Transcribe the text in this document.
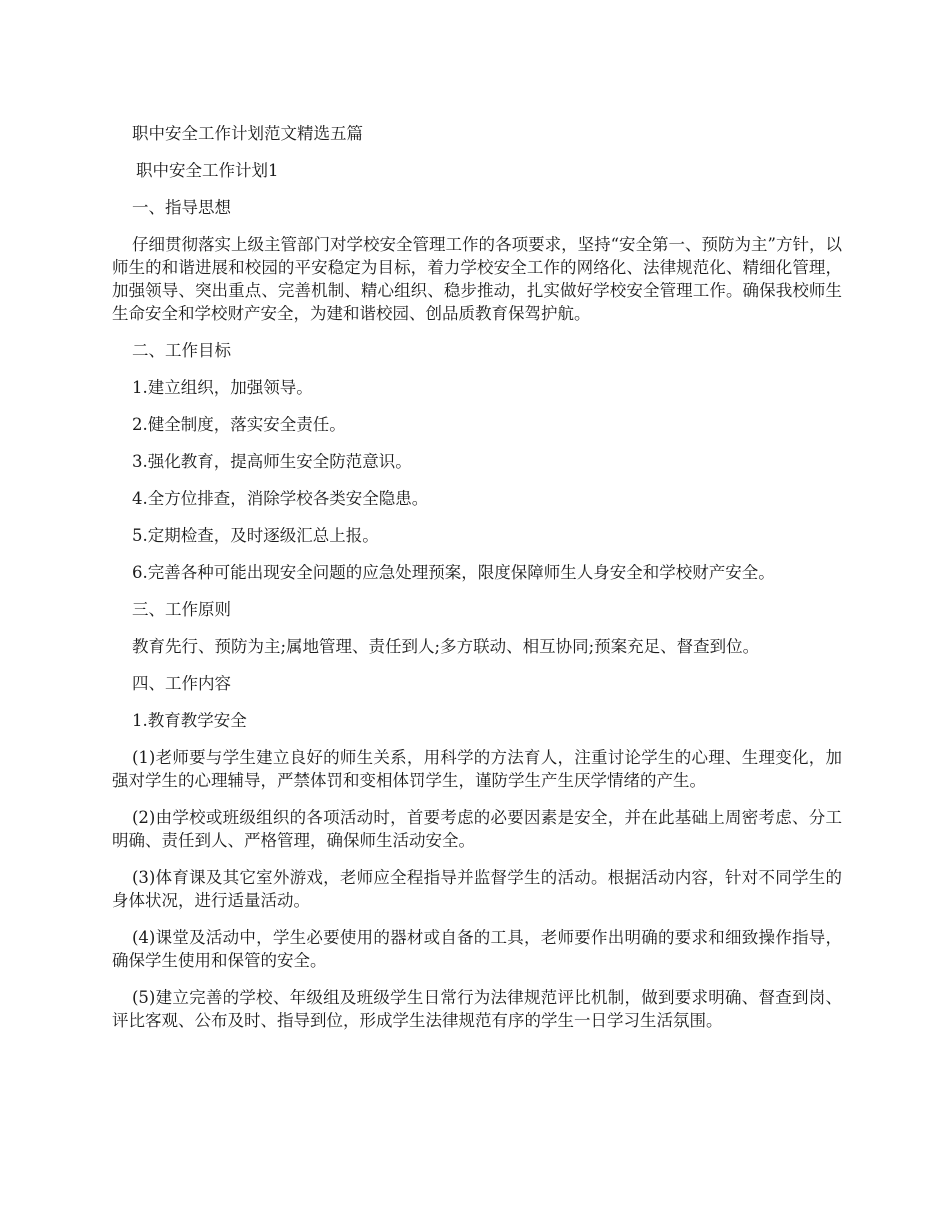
职中安全工作计划范文精选五篇

职中安全工作计划1

一、指导思想

仔细贯彻落实上级主管部门对学校安全管理工作的各项要求，坚持“安全第一、预防为主”方针，以师生的和谐进展和校园的平安稳定为目标，着力学校安全工作的网络化、法律规范化、精细化管理，加强领导、突出重点、完善机制、精心组织、稳步推动，扎实做好学校安全管理工作。确保我校师生生命安全和学校财产安全，为建和谐校园、创品质教育保驾护航。

二、工作目标

1.建立组织，加强领导。

2.健全制度，落实安全责任。

3.强化教育，提高师生安全防范意识。

4.全方位排查，消除学校各类安全隐患。

5.定期检查，及时逐级汇总上报。

6.完善各种可能出现安全问题的应急处理预案，限度保障师生人身安全和学校财产安全。

三、工作原则

教育先行、预防为主;属地管理、责任到人;多方联动、相互协同;预案充足、督查到位。

四、工作内容

1.教育教学安全

(1)老师要与学生建立良好的师生关系，用科学的方法育人，注重讨论学生的心理、生理变化，加强对学生的心理辅导，严禁体罚和变相体罚学生，谨防学生产生厌学情绪的产生。

(2)由学校或班级组织的各项活动时，首要考虑的必要因素是安全，并在此基础上周密考虑、分工明确、责任到人、严格管理，确保师生活动安全。

(3)体育课及其它室外游戏，老师应全程指导并监督学生的活动。根据活动内容，针对不同学生的身体状况，进行适量活动。

(4)课堂及活动中，学生必要使用的器材或自备的工具，老师要作出明确的要求和细致操作指导，确保学生使用和保管的安全。

(5)建立完善的学校、年级组及班级学生日常行为法律规范评比机制，做到要求明确、督查到岗、评比客观、公布及时、指导到位，形成学生法律规范有序的学生一日学习生活氛围。
